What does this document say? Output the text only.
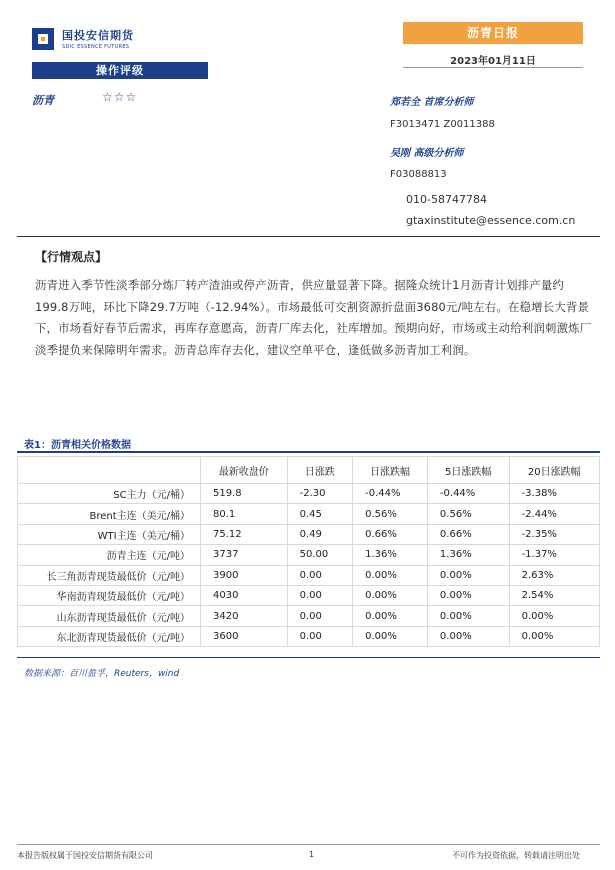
国投安信期货
SDIC ESSENCE FUTURES
沥青日报
2023年01月11日
操作评级
沥青	☆☆☆	郑若全 首席分析师
F3013471 Z0011388
吴刚 高级分析师
F03088813
010-58747784
gtaxinstitute@essence.com.cn
【行情观点】
沥青进入季节性淡季部分炼厂转产渣油或停产沥青，供应量显著下降。据隆众统计1月沥青计划排产量约199.8万吨，环比下降29.7万吨（-12.94%）。市场最低可交割资源折盘面3680元/吨左右。在稳增长大背景下，市场看好春节后需求，再库存意愿高，沥青厂库去化，社库增加。预期向好，市场或主动给利润刺激炼厂淡季提负来保障明年需求。沥青总库存去化，建议空单平仓，逢低做多沥青加工利润。
表1：沥青相关价格数据
	最新收盘价	日涨跌	日涨跌幅	5日涨跌幅	20日涨跌幅
SC主力（元/桶）	519.8	-2.30	-0.44%	-0.44%	-3.38%
Brent主连（美元/桶）	80.1	0.45	0.56%	0.56%	-2.44%
WTI主连（美元/桶）	75.12	0.49	0.66%	0.66%	-2.35%
沥青主连（元/吨）	3737	50.00	1.36%	1.36%	-1.37%
长三角沥青现货最低价（元/吨）	3900	0.00	0.00%	0.00%	2.63%
华南沥青现货最低价（元/吨）	4030	0.00	0.00%	0.00%	2.54%
山东沥青现货最低价（元/吨）	3420	0.00	0.00%	0.00%	0.00%
东北沥青现货最低价（元/吨）	3600	0.00	0.00%	0.00%	0.00%
数据来源：百川盈孚，Reuters，wind
本报告版权属于国投安信期货有限公司	1	不可作为投资依据，转载请注明出处
